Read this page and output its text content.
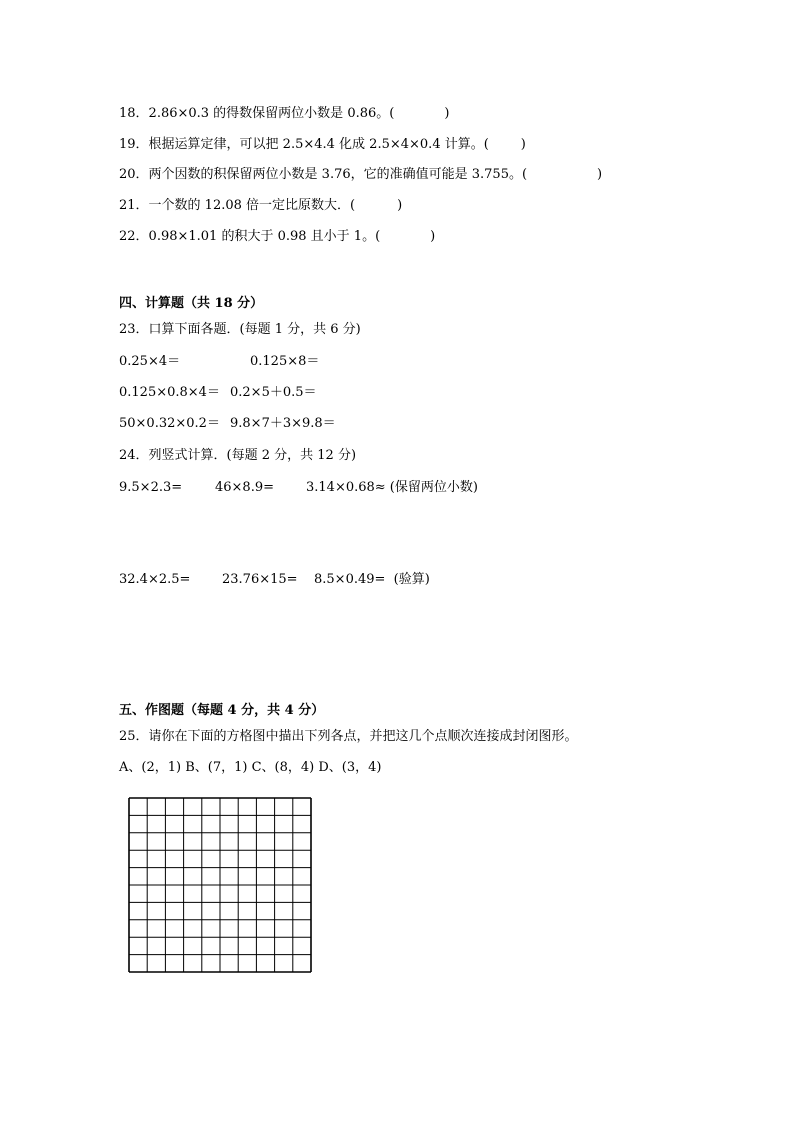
18．2.86×0.3 的得数保留两位小数是 0.86。(	)
19．根据运算定律，可以把 2.5×4.4 化成 2.5×4×0.4 计算。( )
20．两个因数的积保留两位小数是 3.76，它的准确值可能是 3.755。(	)
21．一个数的 12.08 倍一定比原数大．(	)
22．0.98×1.01 的积大于 0.98 且小于 1。(	)
四、计算题（共 18 分）
23．口算下面各题．(每题 1 分，共 6 分)
0.25×4＝	0.125×8＝
0.125×0.8×4＝ 0.2×5＋0.5＝
50×0.32×0.2＝ 9.8×7＋3×9.8＝
24．列竖式计算．(每题 2 分，共 12 分)
9.5×2.3=	46×8.9= 3.14×0.68≈ (保留两位小数)
32.4×2.5= 23.76×15= 8.5×0.49=  (验算)
五、作图题（每题 4 分，共 4 分）
25．请你在下面的方格图中描出下列各点，并把这几个点顺次连接成封闭图形。
A、(2，1) B、(7，1) C、(8，4) D、(3，4)
